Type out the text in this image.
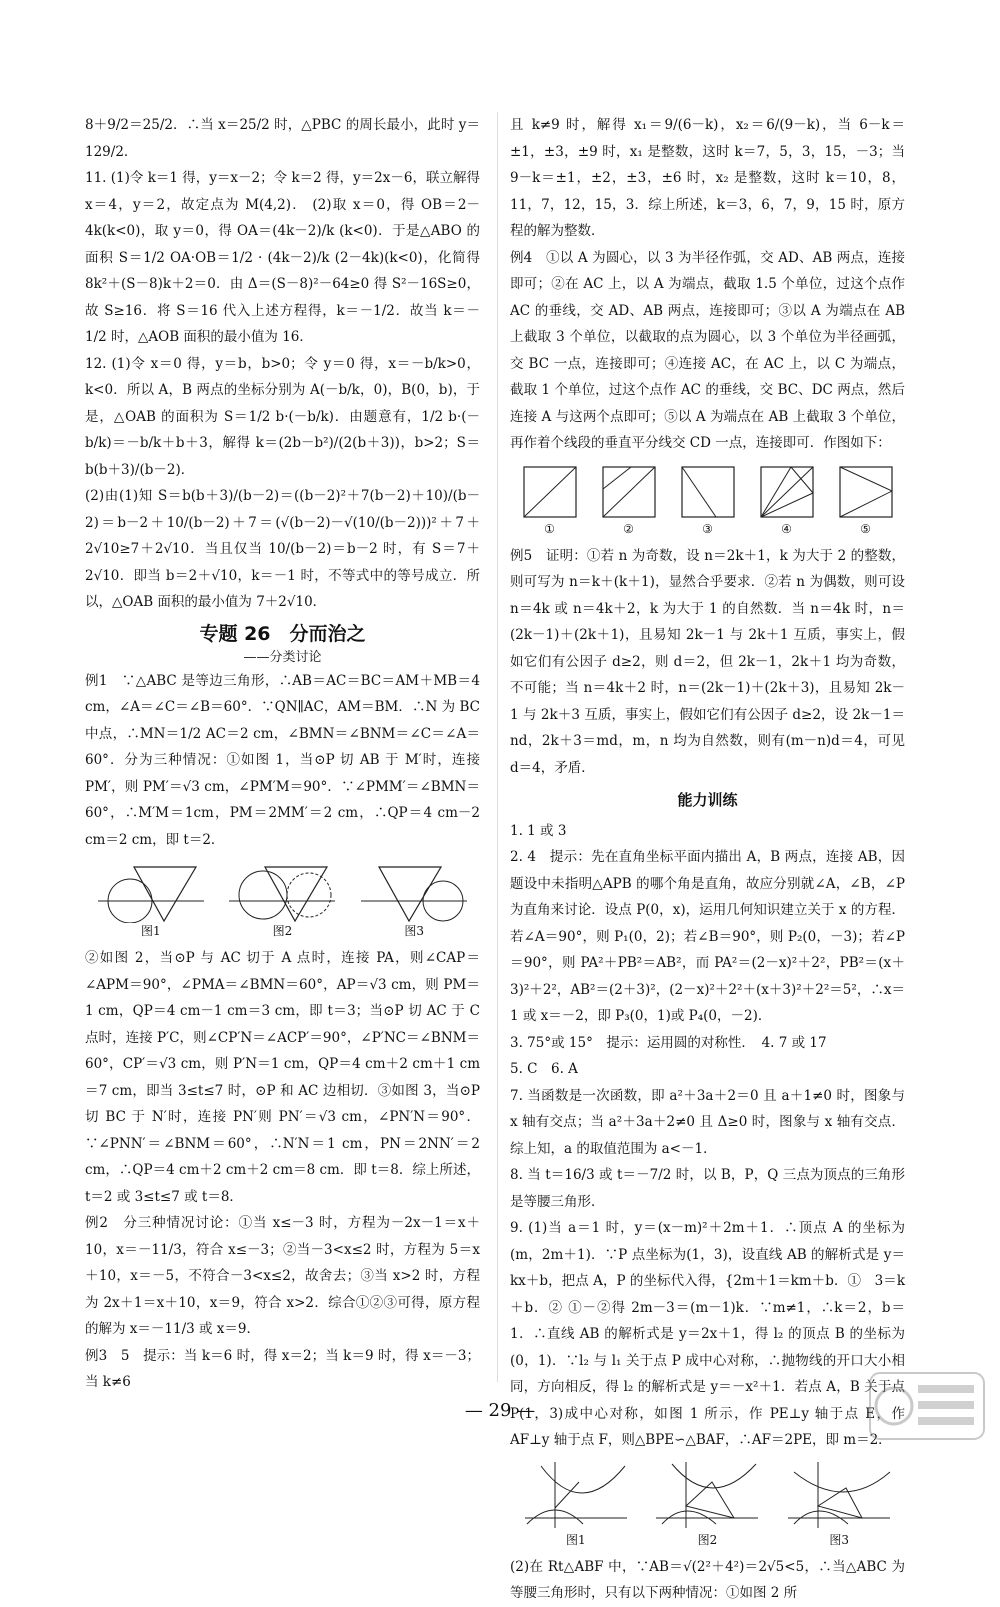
8＋9/2＝25/2．∴当 x＝25/2 时，△PBC 的周长最小，此时 y＝129/2．

11. (1)令 k＝1 得，y＝x－2；令 k＝2 得，y＝2x－6，联立解得 x＝4，y＝2，故定点为 M(4,2)． (2)取 x＝0，得 OB＝2－4k(k<0)，取 y＝0，得 OA＝(4k－2)/k (k<0)．于是△ABO 的面积 S＝1/2 OA·OB＝1/2 · (4k－2)/k (2－4k)(k<0)，化简得 8k²＋(S－8)k＋2＝0．由 Δ＝(S－8)²－64≥0 得 S²－16S≥0，故 S≥16．将 S＝16 代入上述方程得，k＝－1/2．故当 k＝－1/2 时，△AOB 面积的最小值为 16．

12. (1)令 x＝0 得，y＝b，b>0；令 y＝0 得，x＝－b/k>0，k<0．所以 A，B 两点的坐标分别为 A(－b/k，0)，B(0，b)，于是，△OAB 的面积为 S＝1/2 b·(－b/k)．由题意有，1/2 b·(－b/k)＝－b/k＋b＋3，解得 k＝(2b－b²)/(2(b＋3))，b>2；S＝b(b＋3)/(b－2)．

(2)由(1)知 S＝b(b＋3)/(b－2)＝((b－2)²＋7(b－2)＋10)/(b－2)＝b－2＋10/(b－2)＋7＝(√(b－2)－√(10/(b－2)))²＋7＋2√10≥7＋2√10．当且仅当 10/(b－2)＝b－2 时，有 S＝7＋2√10．即当 b＝2＋√10，k＝－1 时，不等式中的等号成立．所以，△OAB 面积的最小值为 7＋2√10．

专题 26　分而治之
——分类讨论

例1　∵△ABC 是等边三角形，∴AB＝AC＝BC＝AM＋MB＝4 cm，∠A＝∠C＝∠B＝60°．∵QN∥AC，AM＝BM．∴N 为 BC 中点，∴MN＝1/2 AC＝2 cm，∠BMN＝∠BNM＝∠C＝∠A＝60°．分为三种情况：①如图 1，当⊙P 切 AB 于 M′时，连接 PM′，则 PM′＝√3 cm，∠PM′M＝90°．∵∠PMM′＝∠BMN＝60°，∴M′M＝1cm，PM＝2MM′＝2 cm，∴QP＝4 cm－2 cm＝2 cm，即 t＝2．

图1	图2	图3

②如图 2，当⊙P 与 AC 切于 A 点时，连接 PA，则∠CAP＝∠APM＝90°，∠PMA＝∠BMN＝60°，AP＝√3 cm，则 PM＝1 cm，QP＝4 cm－1 cm＝3 cm，即 t＝3；当⊙P 切 AC 于 C 点时，连接 P′C，则∠CP′N＝∠ACP′＝90°，∠P′NC＝∠BNM＝60°，CP′＝√3 cm，则 P′N＝1 cm，QP＝4 cm＋2 cm＋1 cm＝7 cm，即当 3≤t≤7 时，⊙P 和 AC 边相切．③如图 3，当⊙P 切 BC 于 N′时，连接 PN′则 PN′＝√3 cm，∠PN′N＝90°．∵∠PNN′＝∠BNM＝60°，∴N′N＝1 cm，PN＝2NN′＝2 cm，∴QP＝4 cm＋2 cm＋2 cm＝8 cm．即 t＝8．综上所述，t＝2 或 3≤t≤7 或 t＝8．

例2　分三种情况讨论：①当 x≤－3 时，方程为－2x－1＝x＋10，x＝－11/3，符合 x≤－3；②当－3<x≤2 时，方程为 5＝x＋10，x＝－5，不符合－3<x≤2，故舍去；③当 x>2 时，方程为 2x＋1＝x＋10，x＝9，符合 x>2．综合①②③可得，原方程的解为 x＝－11/3 或 x＝9．

例3　5　提示：当 k＝6 时，得 x＝2；当 k＝9 时，得 x＝－3；当 k≠6

且 k≠9 时，解得 x₁＝9/(6－k)，x₂＝6/(9－k)，当 6－k＝±1，±3，±9 时，x₁ 是整数，这时 k＝7，5，3，15，－3；当 9－k＝±1，±2，±3，±6 时，x₂ 是整数，这时 k＝10，8，11，7，12，15，3．综上所述，k＝3，6，7，9，15 时，原方程的解为整数．

例4　①以 A 为圆心，以 3 为半径作弧，交 AD、AB 两点，连接即可；②在 AC 上，以 A 为端点，截取 1.5 个单位，过这个点作 AC 的垂线，交 AD、AB 两点，连接即可；③以 A 为端点在 AB 上截取 3 个单位，以截取的点为圆心，以 3 个单位为半径画弧，交 BC 一点，连接即可；④连接 AC，在 AC 上，以 C 为端点，截取 1 个单位，过这个点作 AC 的垂线，交 BC、DC 两点，然后连接 A 与这两个点即可；⑤以 A 为端点在 AB 上截取 3 个单位，再作着个线段的垂直平分线交 CD 一点，连接即可．作图如下：

①	②	③	④	⑤

例5　证明：①若 n 为奇数，设 n＝2k＋1，k 为大于 2 的整数，则可写为 n＝k＋(k＋1)，显然合乎要求．②若 n 为偶数，则可设 n＝4k 或 n＝4k＋2，k 为大于 1 的自然数．当 n＝4k 时，n＝(2k－1)＋(2k＋1)，且易知 2k－1 与 2k＋1 互质，事实上，假如它们有公因子 d≥2，则 d＝2，但 2k－1，2k＋1 均为奇数，不可能；当 n＝4k＋2 时，n＝(2k－1)＋(2k＋3)，且易知 2k－1 与 2k＋3 互质，事实上，假如它们有公因子 d≥2，设 2k－1＝nd，2k＋3＝md，m，n 均为自然数，则有(m－n)d＝4，可见 d＝4，矛盾．

能力训练

1. 1 或 3

2. 4　提示：先在直角坐标平面内描出 A，B 两点，连接 AB，因题设中未指明△APB 的哪个角是直角，故应分别就∠A，∠B，∠P 为直角来讨论．设点 P(0，x)，运用几何知识建立关于 x 的方程．若∠A＝90°，则 P₁(0，2)；若∠B＝90°，则 P₂(0，－3)；若∠P＝90°，则 PA²＋PB²＝AB²，而 PA²＝(2－x)²＋2²，PB²＝(x＋3)²＋2²，AB²＝(2＋3)²，(2－x)²＋2²＋(x＋3)²＋2²＝5²，∴x＝1 或 x＝－2，即 P₃(0，1)或 P₄(0，－2)．

3. 75°或 15°　提示：运用圆的对称性．　4. 7 或 17

5. C　6. A

7. 当函数是一次函数，即 a²＋3a＋2＝0 且 a＋1≠0 时，图象与 x 轴有交点；当 a²＋3a＋2≠0 且 Δ≥0 时，图象与 x 轴有交点．综上知，a 的取值范围为 a<－1．

8. 当 t＝16/3 或 t＝－7/2 时，以 B，P，Q 三点为顶点的三角形是等腰三角形．

9. (1)当 a＝1 时，y＝(x－m)²＋2m＋1．∴顶点 A 的坐标为(m，2m＋1)．∵P 点坐标为(1，3)，设直线 AB 的解析式是 y＝kx＋b，把点 A，P 的坐标代入得，{2m＋1＝km＋b．①　3＝k＋b．② ①－②得 2m－3＝(m－1)k．∵m≠1，∴k＝2，b＝1．∴直线 AB 的解析式是 y＝2x＋1，得 l₂ 的顶点 B 的坐标为(0，1)．∵l₂ 与 l₁ 关于点 P 成中心对称，∴抛物线的开口大小相同，方向相反，得 l₂ 的解析式是 y＝－x²＋1．若点 A，B 关于点 P(1，3)成中心对称，如图 1 所示，作 PE⊥y 轴于点 E，作 AF⊥y 轴于点 F，则△BPE∽△BAF，∴AF＝2PE，即 m＝2．

图1	图2	图3

(2)在 Rt△ABF 中，∵AB＝√(2²＋4²)＝2√5<5，∴当△ABC 为等腰三角形时，只有以下两种情况：①如图 2 所

— 29 —
